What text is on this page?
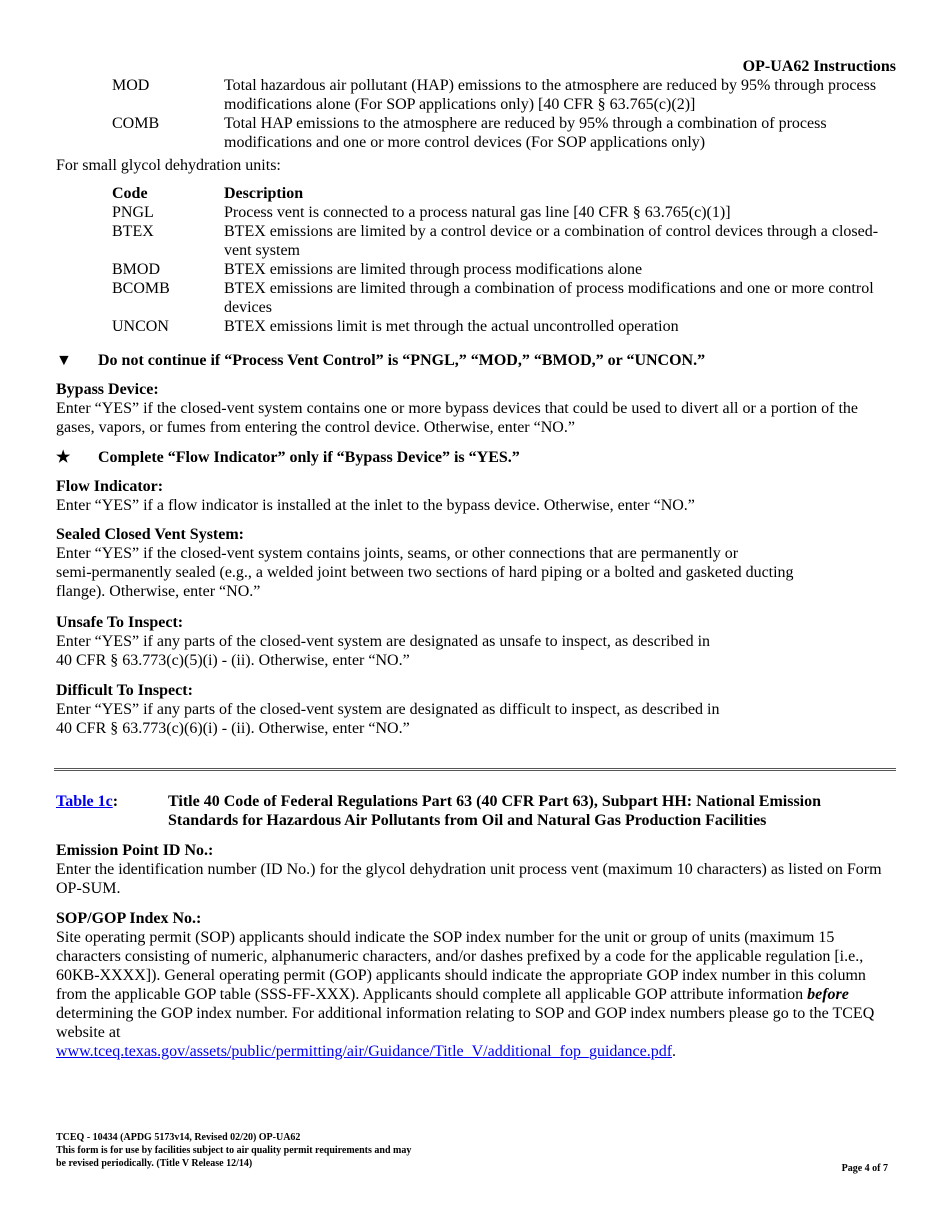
OP-UA62 Instructions
	MOD	Total hazardous air pollutant (HAP) emissions to the atmosphere are reduced by 95% through process modifications alone (For SOP applications only) [40 CFR § 63.765(c)(2)]
	COMB	Total HAP emissions to the atmosphere are reduced by 95% through a combination of process modifications and one or more control devices (For SOP applications only)
For small glycol dehydration units:
Code	Description
PNGL	Process vent is connected to a process natural gas line [40 CFR § 63.765(c)(1)]
BTEX	BTEX emissions are limited by a control device or a combination of control devices through a closed-vent system
BMOD	BTEX emissions are limited through process modifications alone
BCOMB	BTEX emissions are limited through a combination of process modifications and one or more control devices
UNCON	BTEX emissions limit is met through the actual uncontrolled operation
▼	Do not continue if “Process Vent Control” is “PNGL,” “MOD,” “BMOD,” or “UNCON.”
Bypass Device:
Enter “YES” if the closed-vent system contains one or more bypass devices that could be used to divert all or a portion of the gases, vapors, or fumes from entering the control device. Otherwise, enter “NO.”
★	Complete “Flow Indicator” only if “Bypass Device” is “YES.”
Flow Indicator:
Enter “YES” if a flow indicator is installed at the inlet to the bypass device. Otherwise, enter “NO.”
Sealed Closed Vent System:
Enter “YES” if the closed-vent system contains joints, seams, or other connections that are permanently or
semi-permanently sealed (e.g., a welded joint between two sections of hard piping or a bolted and gasketed ducting
flange). Otherwise, enter “NO.”
Unsafe To Inspect:
Enter “YES” if any parts of the closed-vent system are designated as unsafe to inspect, as described in
40 CFR § 63.773(c)(5)(i) - (ii). Otherwise, enter “NO.”
Difficult To Inspect:
Enter “YES” if any parts of the closed-vent system are designated as difficult to inspect, as described in
40 CFR § 63.773(c)(6)(i) - (ii). Otherwise, enter “NO.”
Table 1c:	Title 40 Code of Federal Regulations Part 63 (40 CFR Part 63), Subpart HH: National Emission Standards for Hazardous Air Pollutants from Oil and Natural Gas Production Facilities
Emission Point ID No.:
Enter the identification number (ID No.) for the glycol dehydration unit process vent (maximum 10 characters) as listed on Form OP-SUM.
SOP/GOP Index No.:
Site operating permit (SOP) applicants should indicate the SOP index number for the unit or group of units (maximum 15 characters consisting of numeric, alphanumeric characters, and/or dashes prefixed by a code for the applicable regulation [i.e., 60KB-XXXX]). General operating permit (GOP) applicants should indicate the appropriate GOP index number in this column from the applicable GOP table (SSS-FF-XXX). Applicants should complete all applicable GOP attribute information before determining the GOP index number. For additional information relating to SOP and GOP index numbers please go to the TCEQ website at
www.tceq.texas.gov/assets/public/permitting/air/Guidance/Title_V/additional_fop_guidance.pdf.
TCEQ - 10434 (APDG 5173v14, Revised 02/20) OP-UA62
This form is for use by facilities subject to air quality permit requirements and may
be revised periodically. (Title V Release 12/14)	Page 4 of 7
